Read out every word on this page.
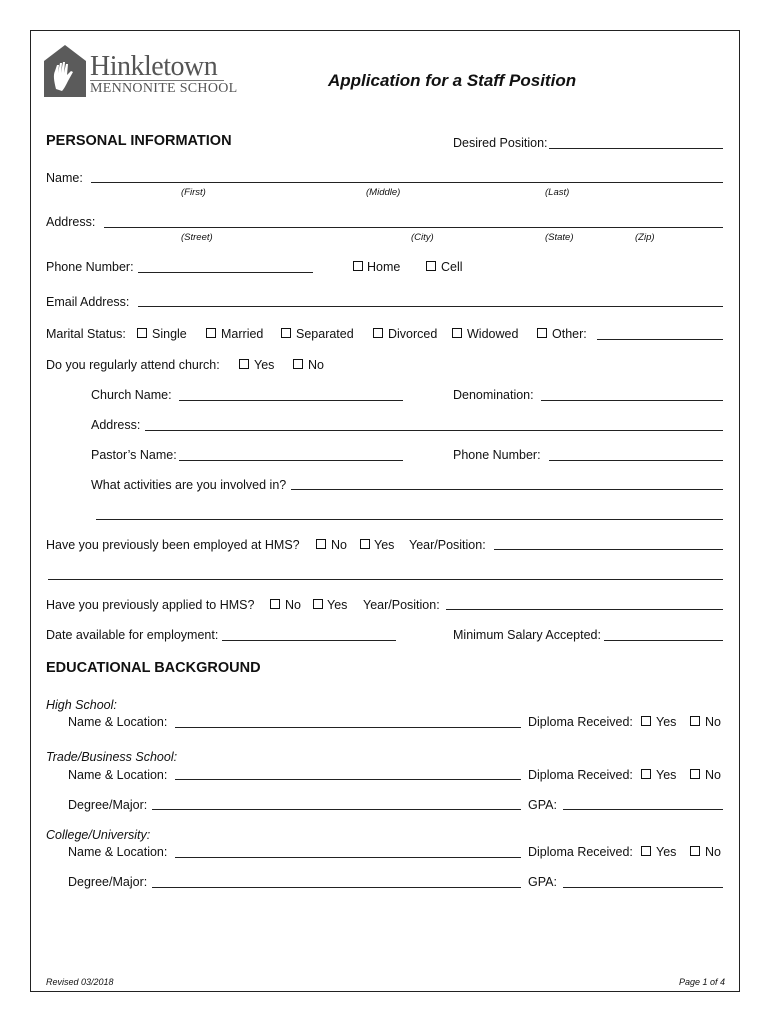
Hinkletown
MENNONITE SCHOOL	Application for a Staff Position
PERSONAL INFORMATION	Desired Position:
Name:
(First)	(Middle)	(Last)
Address:
(Street)	(City)	(State)	(Zip)
Phone Number:	Home	Cell
Email Address:
Marital Status: Single	Married	Separated	Divorced Widowed	Other:
Do you regularly attend church:	Yes	No
Church Name:	Denomination:
Address:
Pastor’s Name:	Phone Number:
What activities are you involved in?
Have you previously been employed at HMS?	No Yes Year/Position:
Have you previously applied to HMS? No Yes Year/Position:
Date available for employment:	Minimum Salary Accepted:
EDUCATIONAL BACKGROUND
High School:
Name & Location:	Diploma Received: Yes No
Trade/Business School:
Name & Location:	Diploma Received: Yes No
Degree/Major:	GPA:
College/University:
Name & Location:	Diploma Received: Yes No
Degree/Major:	GPA:
Revised 03/2018	Page 1 of 4
